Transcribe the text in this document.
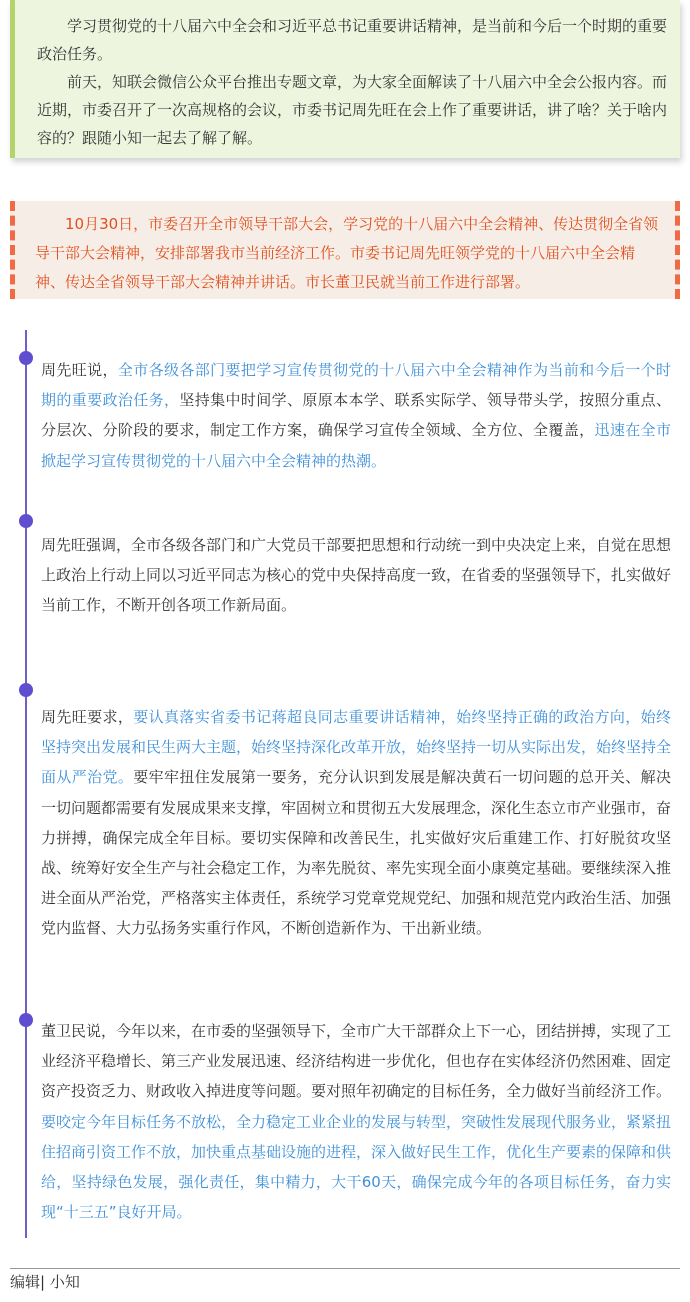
学习贯彻党的十八届六中全会和习近平总书记重要讲话精神，是当前和今后一个时期的重要政治任务。

前天，知联会微信公众平台推出专题文章，为大家全面解读了十八届六中全会公报内容。而近期，市委召开了一次高规格的会议，市委书记周先旺在会上作了重要讲话，讲了啥？关于啥内容的？跟随小知一起去了解了解。

10月30日，市委召开全市领导干部大会，学习党的十八届六中全会精神、传达贯彻全省领导干部大会精神，安排部署我市当前经济工作。市委书记周先旺领学党的十八届六中全会精神、传达全省领导干部大会精神并讲话。市长董卫民就当前工作进行部署。

周先旺说，全市各级各部门要把学习宣传贯彻党的十八届六中全会精神作为当前和今后一个时期的重要政治任务，坚持集中时间学、原原本本学、联系实际学、领导带头学，按照分重点、分层次、分阶段的要求，制定工作方案，确保学习宣传全领域、全方位、全覆盖，迅速在全市掀起学习宣传贯彻党的十八届六中全会精神的热潮。

周先旺强调，全市各级各部门和广大党员干部要把思想和行动统一到中央决定上来，自觉在思想上政治上行动上同以习近平同志为核心的党中央保持高度一致，在省委的坚强领导下，扎实做好当前工作，不断开创各项工作新局面。

周先旺要求，要认真落实省委书记蒋超良同志重要讲话精神，始终坚持正确的政治方向，始终坚持突出发展和民生两大主题，始终坚持深化改革开放，始终坚持一切从实际出发，始终坚持全面从严治党。要牢牢扭住发展第一要务，充分认识到发展是解决黄石一切问题的总开关、解决一切问题都需要有发展成果来支撑，牢固树立和贯彻五大发展理念，深化生态立市产业强市，奋力拼搏，确保完成全年目标。要切实保障和改善民生，扎实做好灾后重建工作、打好脱贫攻坚战、统筹好安全生产与社会稳定工作，为率先脱贫、率先实现全面小康奠定基础。要继续深入推进全面从严治党，严格落实主体责任，系统学习党章党规党纪、加强和规范党内政治生活、加强党内监督、大力弘扬务实重行作风，不断创造新作为、干出新业绩。

董卫民说，今年以来，在市委的坚强领导下，全市广大干部群众上下一心，团结拼搏，实现了工业经济平稳增长、第三产业发展迅速、经济结构进一步优化，但也存在实体经济仍然困难、固定资产投资乏力、财政收入掉进度等问题。要对照年初确定的目标任务，全力做好当前经济工作。要咬定今年目标任务不放松，全力稳定工业企业的发展与转型，突破性发展现代服务业，紧紧扭住招商引资工作不放，加快重点基础设施的进程，深入做好民生工作，优化生产要素的保障和供给，坚持绿色发展，强化责任，集中精力，大干60天，确保完成今年的各项目标任务，奋力实现“十三五”良好开局。

编辑| 小知
